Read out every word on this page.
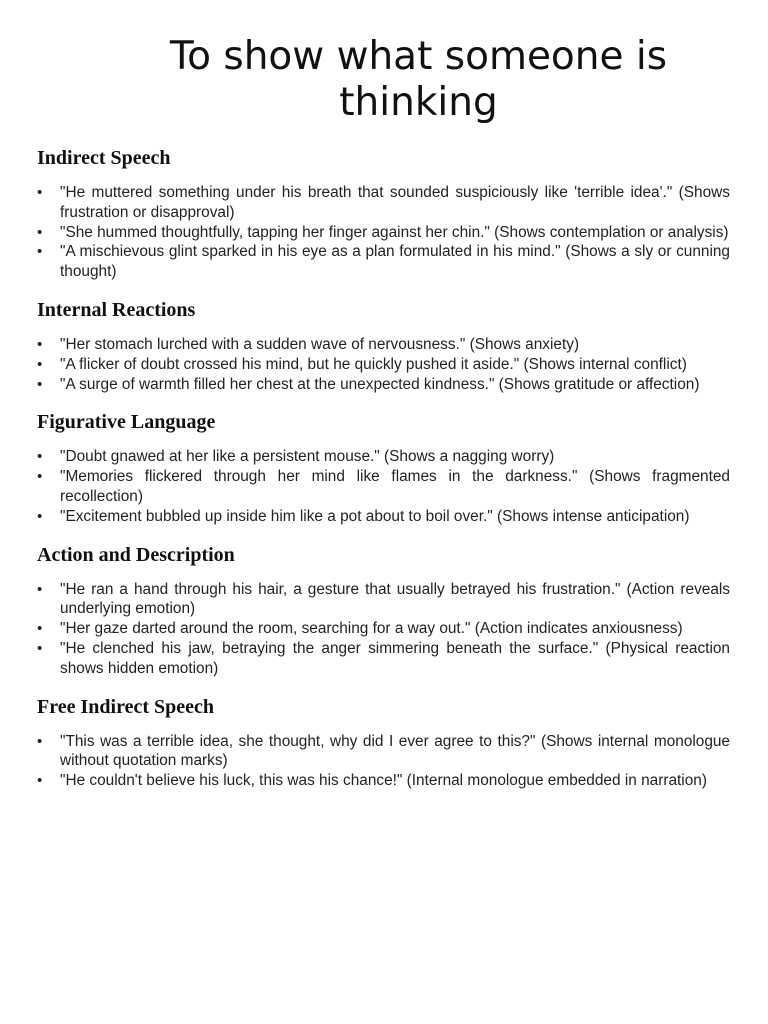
To show what someone is thinking
Indirect Speech
• "He muttered something under his breath that sounded suspiciously like 'terrible idea'." (Shows frustration or disapproval)
• "She hummed thoughtfully, tapping her finger against her chin." (Shows contemplation or analysis)
• "A mischievous glint sparked in his eye as a plan formulated in his mind." (Shows a sly or cunning thought)
Internal Reactions
• "Her stomach lurched with a sudden wave of nervousness." (Shows anxiety)
• "A flicker of doubt crossed his mind, but he quickly pushed it aside." (Shows internal conflict)
• "A surge of warmth filled her chest at the unexpected kindness." (Shows gratitude or affection)
Figurative Language
• "Doubt gnawed at her like a persistent mouse." (Shows a nagging worry)
• "Memories flickered through her mind like flames in the darkness." (Shows fragmented recollection)
• "Excitement bubbled up inside him like a pot about to boil over." (Shows intense anticipation)
Action and Description
• "He ran a hand through his hair, a gesture that usually betrayed his frustration." (Action reveals underlying emotion)
• "Her gaze darted around the room, searching for a way out." (Action indicates anxiousness)
• "He clenched his jaw, betraying the anger simmering beneath the surface." (Physical reaction shows hidden emotion)
Free Indirect Speech
• "This was a terrible idea, she thought, why did I ever agree to this?" (Shows internal monologue without quotation marks)
• "He couldn't believe his luck, this was his chance!" (Internal monologue embedded in narration)
